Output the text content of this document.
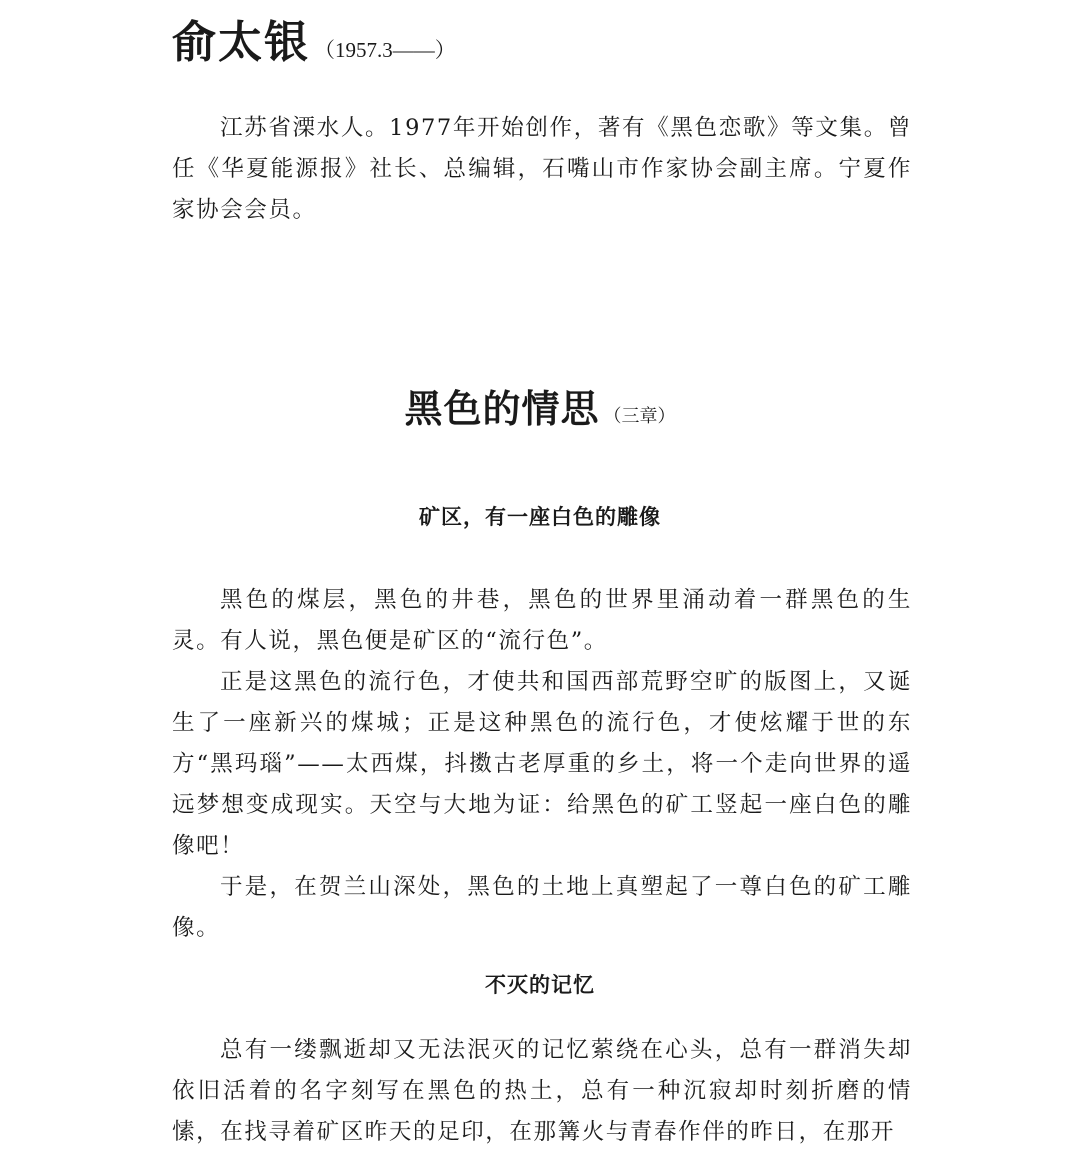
俞太银 （1957.3——）

江苏省溧水人。1977年开始创作，著有《黑色恋歌》等文集。曾任《华夏能源报》社长、总编辑，石嘴山市作家协会副主席。宁夏作家协会会员。

黑色的情思 （三章）
矿区，有一座白色的雕像

黑色的煤层，黑色的井巷，黑色的世界里涌动着一群黑色的生灵。有人说，黑色便是矿区的“流行色”。

正是这黑色的流行色，才使共和国西部荒野空旷的版图上，又诞生了一座新兴的煤城；正是这种黑色的流行色，才使炫耀于世的东方“黑玛瑙”——太西煤，抖擞古老厚重的乡土，将一个走向世界的遥远梦想变成现实。天空与大地为证：给黑色的矿工竖起一座白色的雕像吧！

于是，在贺兰山深处，黑色的土地上真塑起了一尊白色的矿工雕像。

不灭的记忆

总有一缕飘逝却又无法泯灭的记忆萦绕在心头，总有一群消失却依旧活着的名字刻写在黑色的热土，总有一种沉寂却时刻折磨的情愫，在找寻着矿区昨天的足印，在那篝火与青春作伴的昨日，在那开
